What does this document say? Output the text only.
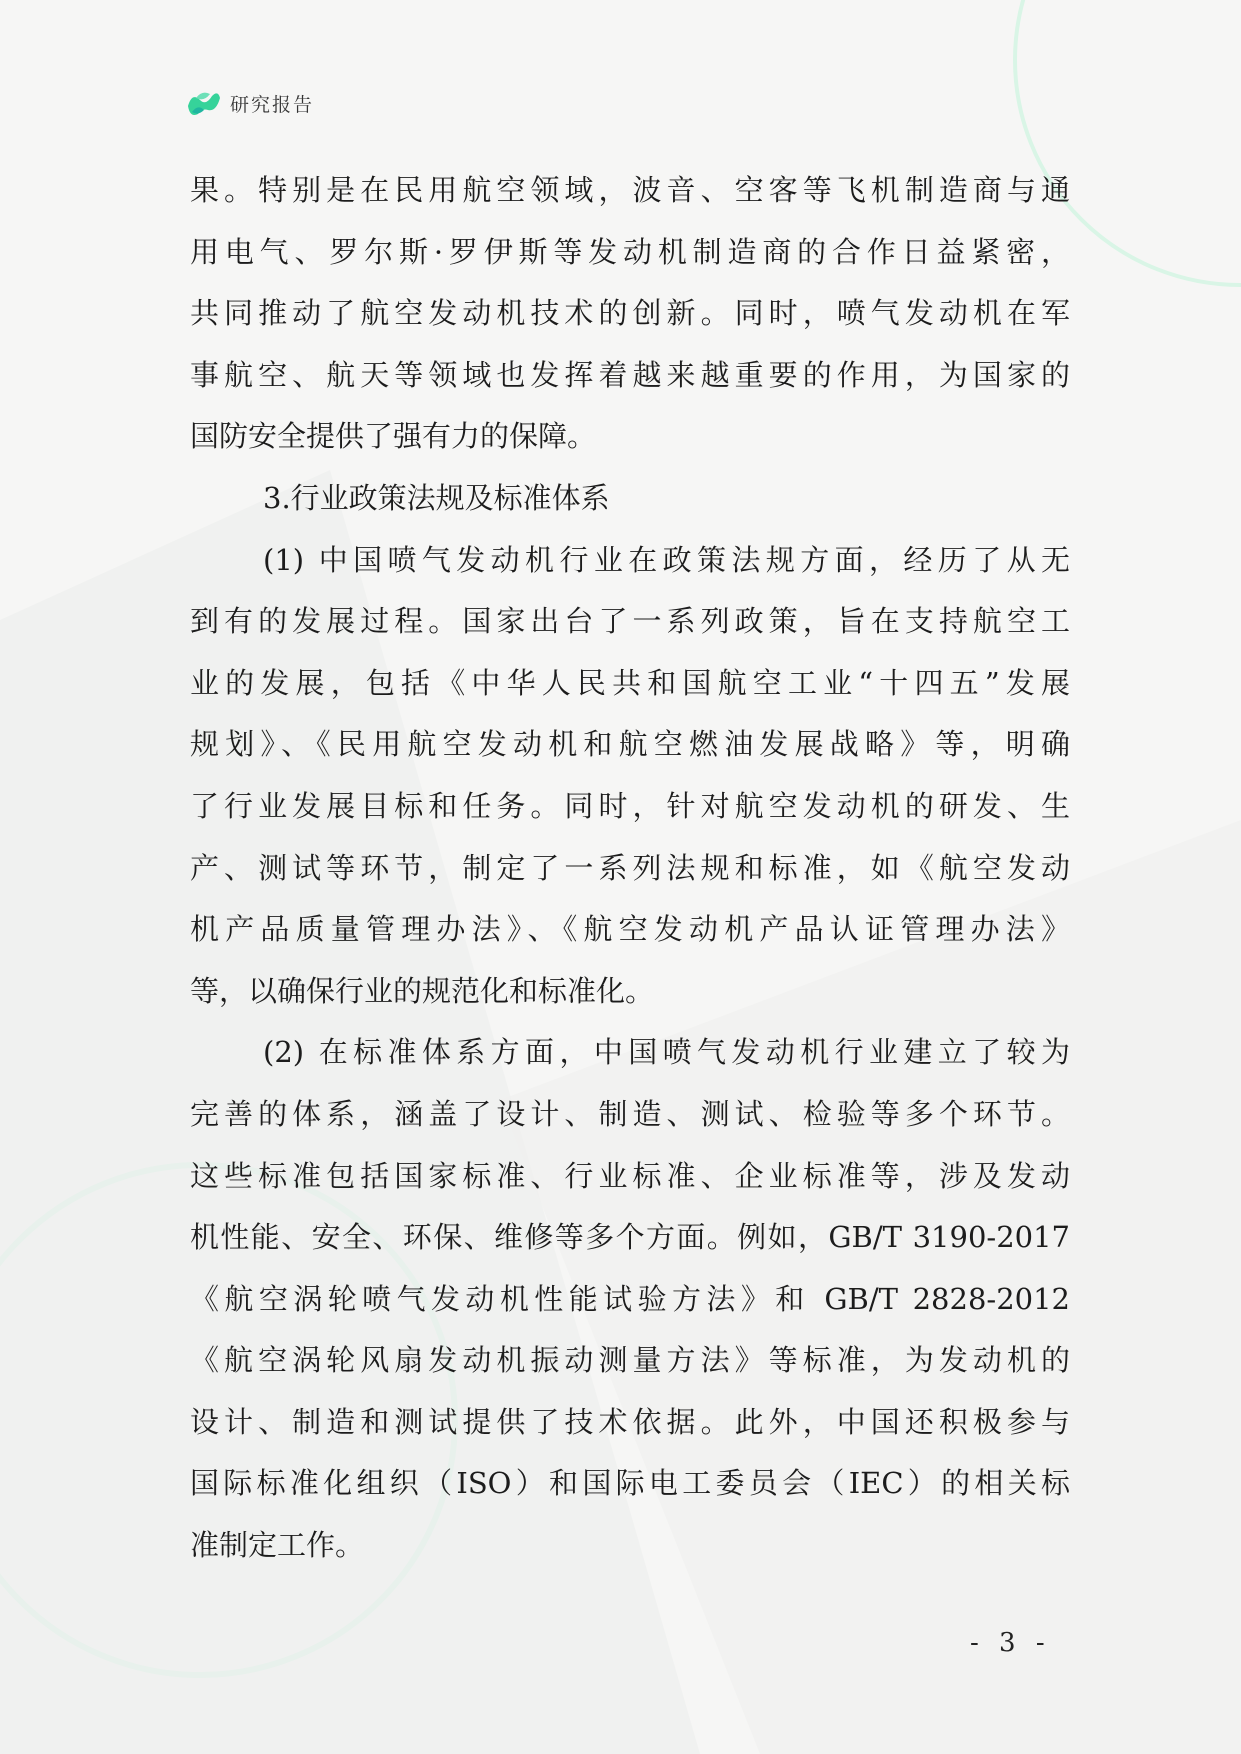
研究报告
果。特别是在民用航空领域，波音、空客等飞机制造商与通
用电气、罗尔斯·罗伊斯等发动机制造商的合作日益紧密，
共同推动了航空发动机技术的创新。同时，喷气发动机在军
事航空、航天等领域也发挥着越来越重要的作用，为国家的
国防安全提供了强有力的保障。
3.行业政策法规及标准体系
(1) 中国喷气发动机行业在政策法规方面，经历了从无
到有的发展过程。国家出台了一系列政策，旨在支持航空工
业的发展，包括《中华人民共和国航空工业“十四五”发展
规划》、《民用航空发动机和航空燃油发展战略》等，明确
了行业发展目标和任务。同时，针对航空发动机的研发、生
产、测试等环节，制定了一系列法规和标准，如《航空发动
机产品质量管理办法》、《航空发动机产品认证管理办法》
等，以确保行业的规范化和标准化。
(2) 在标准体系方面，中国喷气发动机行业建立了较为
完善的体系，涵盖了设计、制造、测试、检验等多个环节。
这些标准包括国家标准、行业标准、企业标准等，涉及发动
机性能、安全、环保、维修等多个方面。例如，GB/T 3190-2017
《航空涡轮喷气发动机性能试验方法》和 GB/T 2828-2012
《航空涡轮风扇发动机振动测量方法》等标准，为发动机的
设计、制造和测试提供了技术依据。此外，中国还积极参与
国际标准化组织（ISO）和国际电工委员会（IEC）的相关标
准制定工作。
- 3 -
